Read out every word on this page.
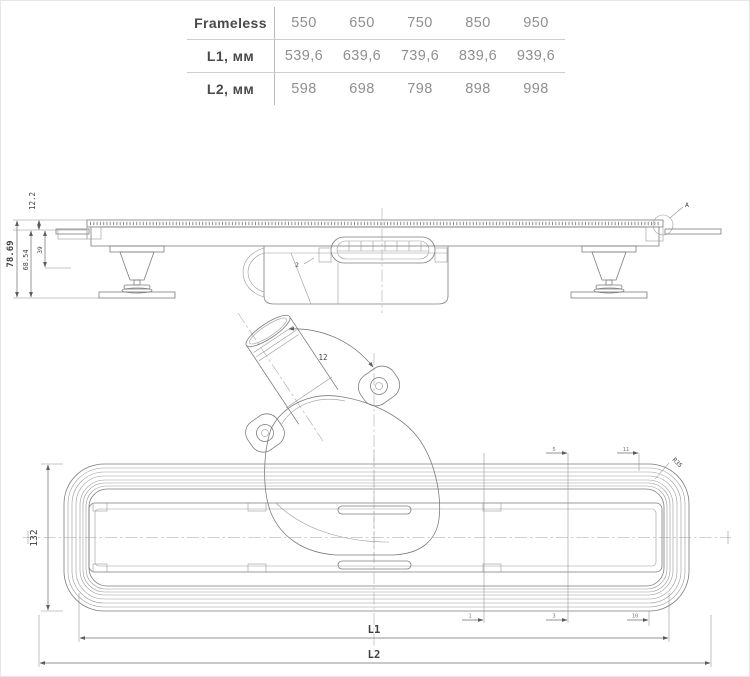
Frameless	550	650	750	850	950
L1, мм	539,6	639,6	739,6	839,6	939,6
L2, мм	598	698	798	898	998
5	11
1	3	10
R35
132
L1
L2
A
2
12.2
78.69 68.54 39
12
